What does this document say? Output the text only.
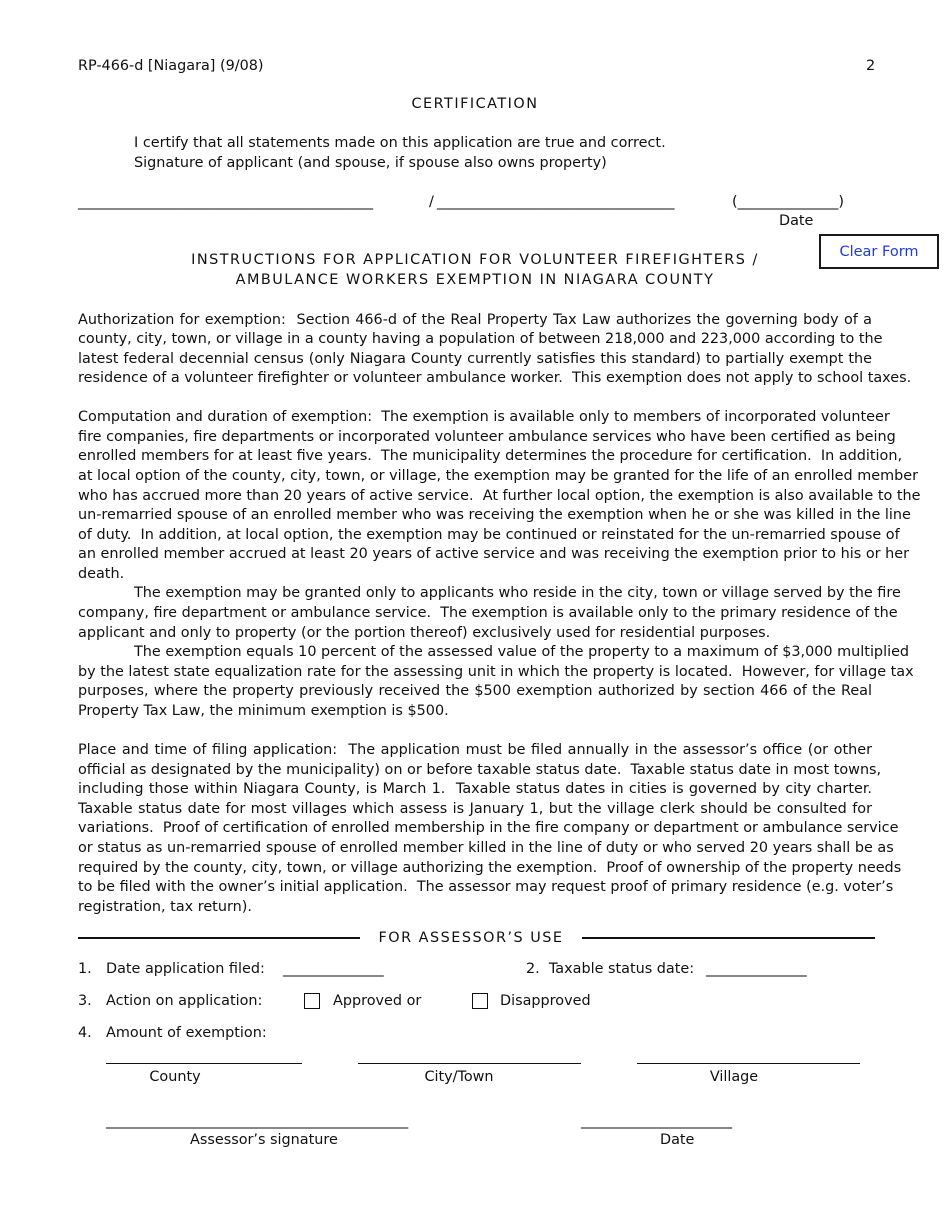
RP-466-d [Niagara] (9/08)	2
CERTIFICATION
I certify that all statements made on this application are true and correct.
Signature of applicant (and spouse, if spouse also owns property)
_________________________________________	/ _________________________________	(______________)
Date
Clear Form
INSTRUCTIONS FOR APPLICATION FOR VOLUNTEER FIREFIGHTERS /
AMBULANCE WORKERS EXEMPTION IN NIAGARA COUNTY
Authorization for exemption:  Section 466-d of the Real Property Tax Law authorizes the governing body of a
county, city, town, or village in a county having a population of between 218,000 and 223,000 according to the
latest federal decennial census (only Niagara County currently satisfies this standard) to partially exempt the
residence of a volunteer firefighter or volunteer ambulance worker.  This exemption does not apply to school taxes.
Computation and duration of exemption:  The exemption is available only to members of incorporated volunteer
fire companies, fire departments or incorporated volunteer ambulance services who have been certified as being
enrolled members for at least five years.  The municipality determines the procedure for certification.  In addition,
at local option of the county, city, town, or village, the exemption may be granted for the life of an enrolled member
who has accrued more than 20 years of active service.  At further local option, the exemption is also available to the
un-remarried spouse of an enrolled member who was receiving the exemption when he or she was killed in the line
of duty.  In addition, at local option, the exemption may be continued or reinstated for the un-remarried spouse of
an enrolled member accrued at least 20 years of active service and was receiving the exemption prior to his or her
death.
The exemption may be granted only to applicants who reside in the city, town or village served by the fire
company, fire department or ambulance service.  The exemption is available only to the primary residence of the
applicant and only to property (or the portion thereof) exclusively used for residential purposes.
The exemption equals 10 percent of the assessed value of the property to a maximum of $3,000 multiplied
by the latest state equalization rate for the assessing unit in which the property is located.  However, for village tax
purposes, where the property previously received the $500 exemption authorized by section 466 of the Real
Property Tax Law, the minimum exemption is $500.
Place and time of filing application:  The application must be filed annually in the assessor’s office (or other
official as designated by the municipality) on or before taxable status date.  Taxable status date in most towns,
including those within Niagara County, is March 1.  Taxable status dates in cities is governed by city charter.
Taxable status date for most villages which assess is January 1, but the village clerk should be consulted for
variations.  Proof of certification of enrolled membership in the fire company or department or ambulance service
or status as un-remarried spouse of enrolled member killed in the line of duty or who served 20 years shall be as
required by the county, city, town, or village authorizing the exemption.  Proof of ownership of the property needs
to be filed with the owner’s initial application.  The assessor may request proof of primary residence (e.g. voter’s
registration, tax return).
FOR ASSESSOR’S USE
1. Date application filed: ______________	2.  Taxable status date: ______________
3. Action on application:	Approved or	Disapproved
4. Amount of exemption:
County	City/Town	Village
__________________________________________
Assessor’s signature
_____________________
Date
